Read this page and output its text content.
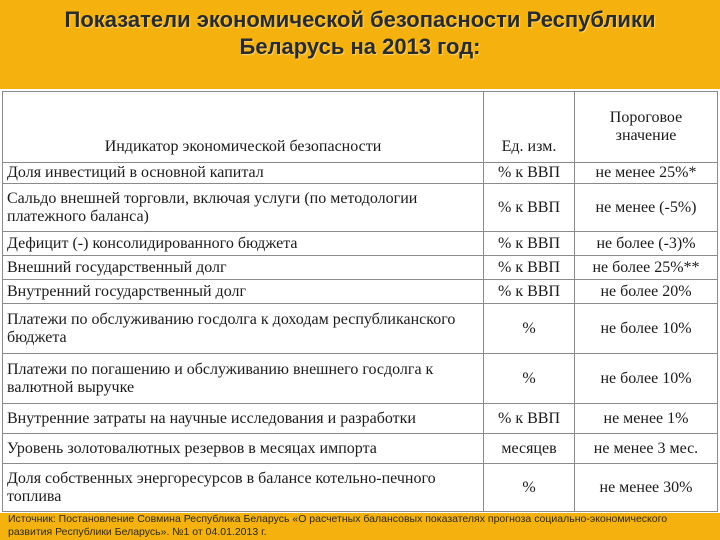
Показатели экономической безопасности Республики
Беларусь на 2013 год:
Индикатор экономической безопасности	Ед. изм.	Пороговое значение
Доля инвестиций в основной капитал	% к ВВП	не менее 25%*
Сальдо внешней торговли, включая услуги (по методологии платежного баланса)	% к ВВП	не менее (-5%)
Дефицит (-) консолидированного бюджета	% к ВВП	не более (-3)%
Внешний государственный долг	% к ВВП	не более 25%**
Внутренний государственный долг	% к ВВП	не более 20%
Платежи по обслуживанию госдолга к доходам республиканского бюджета	%	не более 10%
Платежи по погашению и обслуживанию внешнего госдолга к валютной выручке	%	не более 10%
Внутренние затраты на научные исследования и разработки	% к ВВП	не менее 1%
Уровень золотовалютных резервов в месяцах импорта	месяцев	не менее 3 мес.
Доля собственных энергоресурсов в балансе котельно-печного топлива	%	не менее 30%
Источник: Постановление Совмина Республика Беларусь «О расчетных балансовых показателях прогноза социально-экономического развития Республики Беларусь». №1 от 04.01.2013 г.
